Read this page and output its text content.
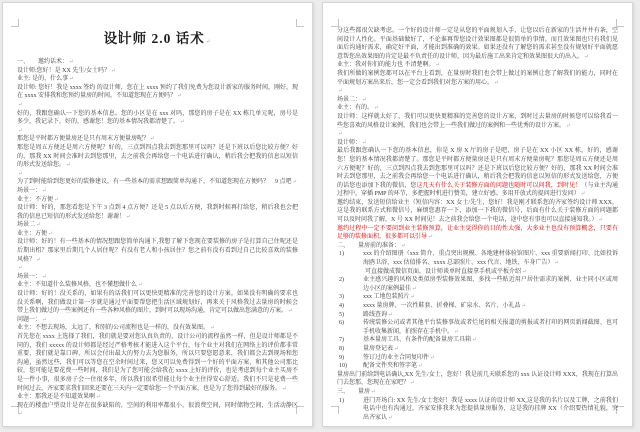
设计师 2.0 话术↵
一、　　邀约话术：↵
设计师:您好！是 XX 先生/女士吗？↵
业主: 是的，什么事↵
设计师: 您好！我是 xxxx 签约 的设计师，您在上 xxxx 预约了我们免费为您设计新家的服务时间，刚好，现在 xxxx 安排我和您预约量房的时间，不知道您现在方便吗？↵
↵
好的，我跟您确认一下您的基本信息。您的小区是在 xxx 对吗，那您的房子是在 XX 栋几单元呢，房号是多少，我记录下，好的，感谢您！您的基本情况我都清楚了。↵
↵
那您是平时都方便量房还是只有周末方便量房呢？↵
那您是周五方便还是周六方便呢？好的，三点到四点我去到您那里可以吗？还是下班以后您比较方便？好的，那我 XX 时间会准时去到您那里，去之前我会再给您一个电话进行确认，稍后我会把我的信息以短信的形式发送给您。↵
↵
为了到时能给到您更好的装修建议，有一些基本的需求想跟简单沟通下，不知道您现在方便吗？　9 点吧↵
场景一：↵
业主：不方便↵
设计师：好的，那您看您是下午 3 点到 4 点方便？还是 5 点以后方便，我到时候再打给您，稍后我也会把我的信息已短信的形式发送给您！谢谢！↵
场景二↵
业主：方便↵
设计师：好的！有一些基本的情况想跟您简单沟通下,我想了解下您现在要装修的房子是打算自己住呢还是后期出租？那家里后期几个人居住呢？有没有老人和小孩居住？您之前有没有看到过自己比较喜欢的装修风格？↵
↵
场景一：↵
业主：不知道什么装修风格，也不懂想做什么↵
设计师：好的！没关系的，如果有的话我们可以更快更精准的完善您的设计方案。如果没有明确的要求也没关系啊，我们做设计第一步就是通过平面要帮您把生活区域规划好，再来关于风格我过去量房的时候会带上我们做过的一些案例还有一些各种风格的图片，到时可以现场沟通，肯定可以做出您满意的方案。↵
问题一：↵
业主：不想去现场，太远了，和别的公司流程也是一样的，没有效果图。↵
首先您在 xxxx 上选择了我们，我们就是要对您认真负责的，设计公司的流程虽然一样，但是设计师都是不同的，我们 xxxxx 的设计师都是经过严格考核才能进入这个平台，每个业主对我们在网络上的评价都非常重要，我们就是靠口碑，所以会付出最大的努力去为您服务，所以只要您愿意来，我们都会去到现场和您沟通，虽然远些，我们可以等您在空余时间过来，您又可以免费得到一个好的平面方案，和其他公司那比较，您可能是要花费一些时间，我们是为了您可能会给我在 xxxx 上好的评价，也是考虑到每个业主买房不是一件小事，很多房子会一住很多年，所以我们很希望能让每个业主住得安心舒适，我们不只是花费一些时间过去，齐家要求我们回来还要在三天内一定要给您一个平面方案，也是为了您得到最好的服务。↵
业主：那我还是不知道效果啊↵
现在的楼盘户型设计是存在很多缺陷的，空间的利用率都很小，很浪费空间，同时储物空间，生活动静区↵
分这些都很欠缺考虑。一个好的设计师一定是从您的平面规划入手，让您以后在新家的生活井井有条，空间设计人性化。平面基础做好了，不论谁再帮您设计效果图都是很简单的事情。而且效果图也只有我们见面后沟通好需求，确定好平面，才能出到准确的效果。如果还没有了解您的需求甚至没有规划好平面就愿意帮您出效果图的肯定是最不负责任的设计师，因为最后施工出来肯定和效果图很大的出入。↵
业主：我对你们的能力也 不清楚啊。↵
我们所做的案例您都可以在平台上看到，在量房时我们也会带上做过的案例让您了解我们的能力，同时在平面规划方案出来后，您一定会看到我们对您方案的用心。↵
↵
场景二：↵
业主：有的。↵
设计师：这样就太好了，我们可以更快更精准的完善您的设计方案，到时过去量房的时候您可以给我看一些您喜欢的风格设计案例，我们也会带上一些我们做过的案例和一些优秀的设计方案。↵
↵
设计师：↵
最后我跟您确认一下您的基本信息，你是 X 房 X 厅的房子是吧，房子是在 XX 小区 XX 栋，好的，感谢您！您的基本情况我都清楚了。那您是平时都方便量房还是只有周末方便量房呢？那您是周五方便还是周六方便呢？好的，三点到四点我去到您那里可以吗？还是下班以后您比较方便？好的，那我 XX 时间会准时去到您那里，去之前我会再给您一个电话进行确认，稍后我会把我的信息以短信的形式发送给您，方便的话您也添加下我的微信，您这几天有什么关于装修方面的问题也随时可以问我，到时见！（与业主沟通过程中，穿插 PMP 的环节，多把握时机进行赞美，建立好感。多用开放式的提问进行发问）↵
邀约结束，发送短信给业主（短信内容：XX 女士/先生，您好！我是刚才联系您的齐家签约设计师 XXX，这是我的联系方式和微信号，麻烦您惠存一下，添加一下我的微信号，后面有什么关于装修方面的问题都可以及时问我了解，X 号 XX 时间见！去之前我会给您一个电话，途中您有事也可以直接通知我。）↵
邀约过程中一定不要问到业主装修预算，让业主觉得你的目的性太强，大多业主也没有预算概念，只要有足够的装修面积，很多都可以引导↵
二、　　量房前的准备：↵
1)	xxx 的介绍图册（xxx 简介、重点突出规模、各地建材体验馆图片、xxx 重要新闻打印、比如投诉海鸥卫浴、xxx 估值排名、xxxx 总部照片、xxx 代言、地铁、车身广告）↵
可直接做成微信页面，设计师谈单时直接拿手机或平板介绍↵
2)	业主感兴趣的风格及类似房型装修效果图、多找一些贴近用户居住需求的案例、业主同小区或周边小区的案例最佳↵
3)	xxx 工地包装照片↵
4)	xxxx 量房牌、一次性鞋套、折叠梯、矿泉水、名片、小礼品↵
5)	路线查询↵
6)	传统装修公司或者其他平台装修事故或者烂尾的相关报道的剪报或者打印的网页新闻截图、也可手机收集新闻，拍照存在手机中。↵
7)	基本量房工具、有条件的配备量房工具箱↵
8)	量房登记表↵
9)	签订过的业主合同复印件↵
10)	配备文件夹和签字笔↵
量房出门前给到电话确认,XX 先生/女士，您好！我是前几天联系您的 xxx 认证设计师 XXX，我现在打算出门去您那，您现在在家吧？↵
三、　　量房↵
1)	进门开场白: XX 先生/女士您好！我是 xxxx 认证的设计师 XX,这是我的名片以及工牌，之前我们电话中也有沟通过，齐家安排我来为您提供量房服务，这是我的挂牌 XX（介绍要热情礼貌，突出齐家认↵
